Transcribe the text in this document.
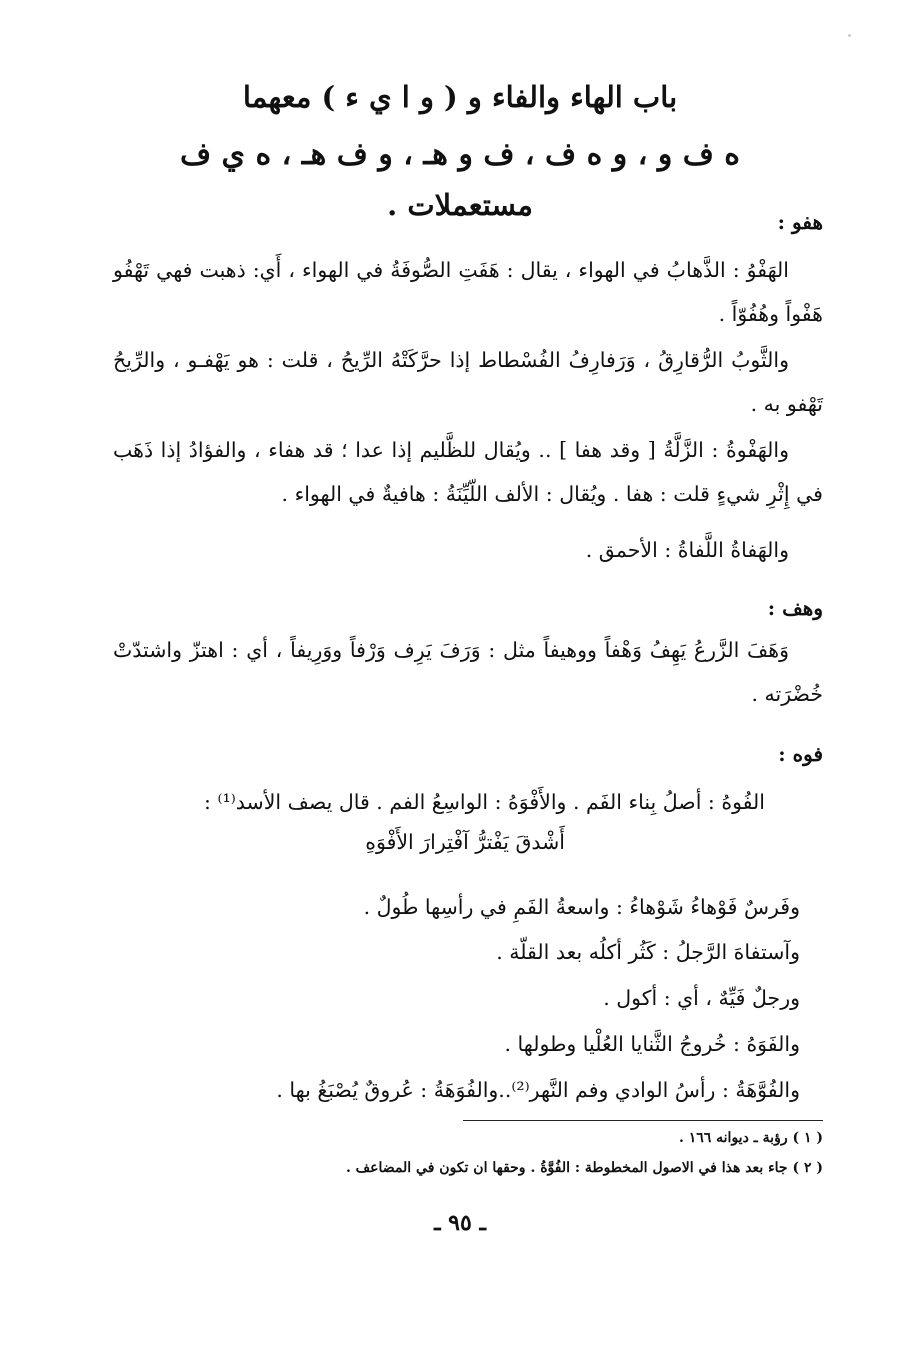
باب الهاء والفاء و ( و ا ي ء ) معهما
ه ف و ، و ه ف ، ف و هـ ، و ف هـ ، ه ي ف
مستعملات .	هفو :
الهَفْوُ : الذَّهابُ في الهواء ، يقال : هَفَتِ الصُّوفَةُ في الهواء ، أَي: ذهبت فهي تَهْفُو هَفْواً وهُفُوّاً .
والثَّوبُ الرُّقارِقُ ، وَرَفارِفُ الفُسْطاط إذا حرَّكَتْهُ الرِّيحُ ، قلت : هو يَهْفـو ، والرِّيحُ تَهْفو به .
والهَفْوةُ : الزَّلَّةُ [ وقد هفا ] .. ويُقال للظَّليم إذا عدا ؛ قد هفاء ، والفؤادُ إذا ذَهَب في إِثْرِ شيءٍ قلت : هفا . ويُقال : الألف اللّيِّنَةُ : هافيةٌ في الهواء .
والهَفاةُ اللَّفاةُ : الأحمق .
وهف :
وَهَفَ الزَّرعُ يَهِفُ وَهْفاً ووهيفاً مثل : وَرَفَ يَرِف وَرْفاً ووَرِيفاً ، أي : اهتزّ واشتدّتْ خُضْرَته .
فوه :
الفُوهُ : أصلُ بِناء الفَم . والأَفْوَهُ : الواسِعُ الفم . قال يصف الأسد⁽¹⁾ :
أَشْدقَ يَفْترُّ آفْتِرارَ الأَفْوَهِ
وفَرسٌ فَوْهاءُ شَوْهاءُ : واسعةُ الفَمِ في رأسِها طُولٌ .
وآستفاهَ الرَّجلُ : كَثُر أكلُه بعد القلّة .
ورجلٌ فَيِّهٌ ، أي : أكول .
والفَوَهُ : خُروجُ الثَّنايا العُلْيا وطولها .
والفُوَّهَةُ : رأسُ الوادي وفم النَّهر⁽²⁾..والفُوَهَةُ : عُروقٌ يُصْبَغُ بها .
( ١ ) رؤبة ـ ديوانه ١٦٦ .
( ٢ ) جاء بعد هذا في الاصول المخطوطة : الفُوَّةُ . وحقها ان تكون في المضاعف .
ـ ٩٥ ـ
